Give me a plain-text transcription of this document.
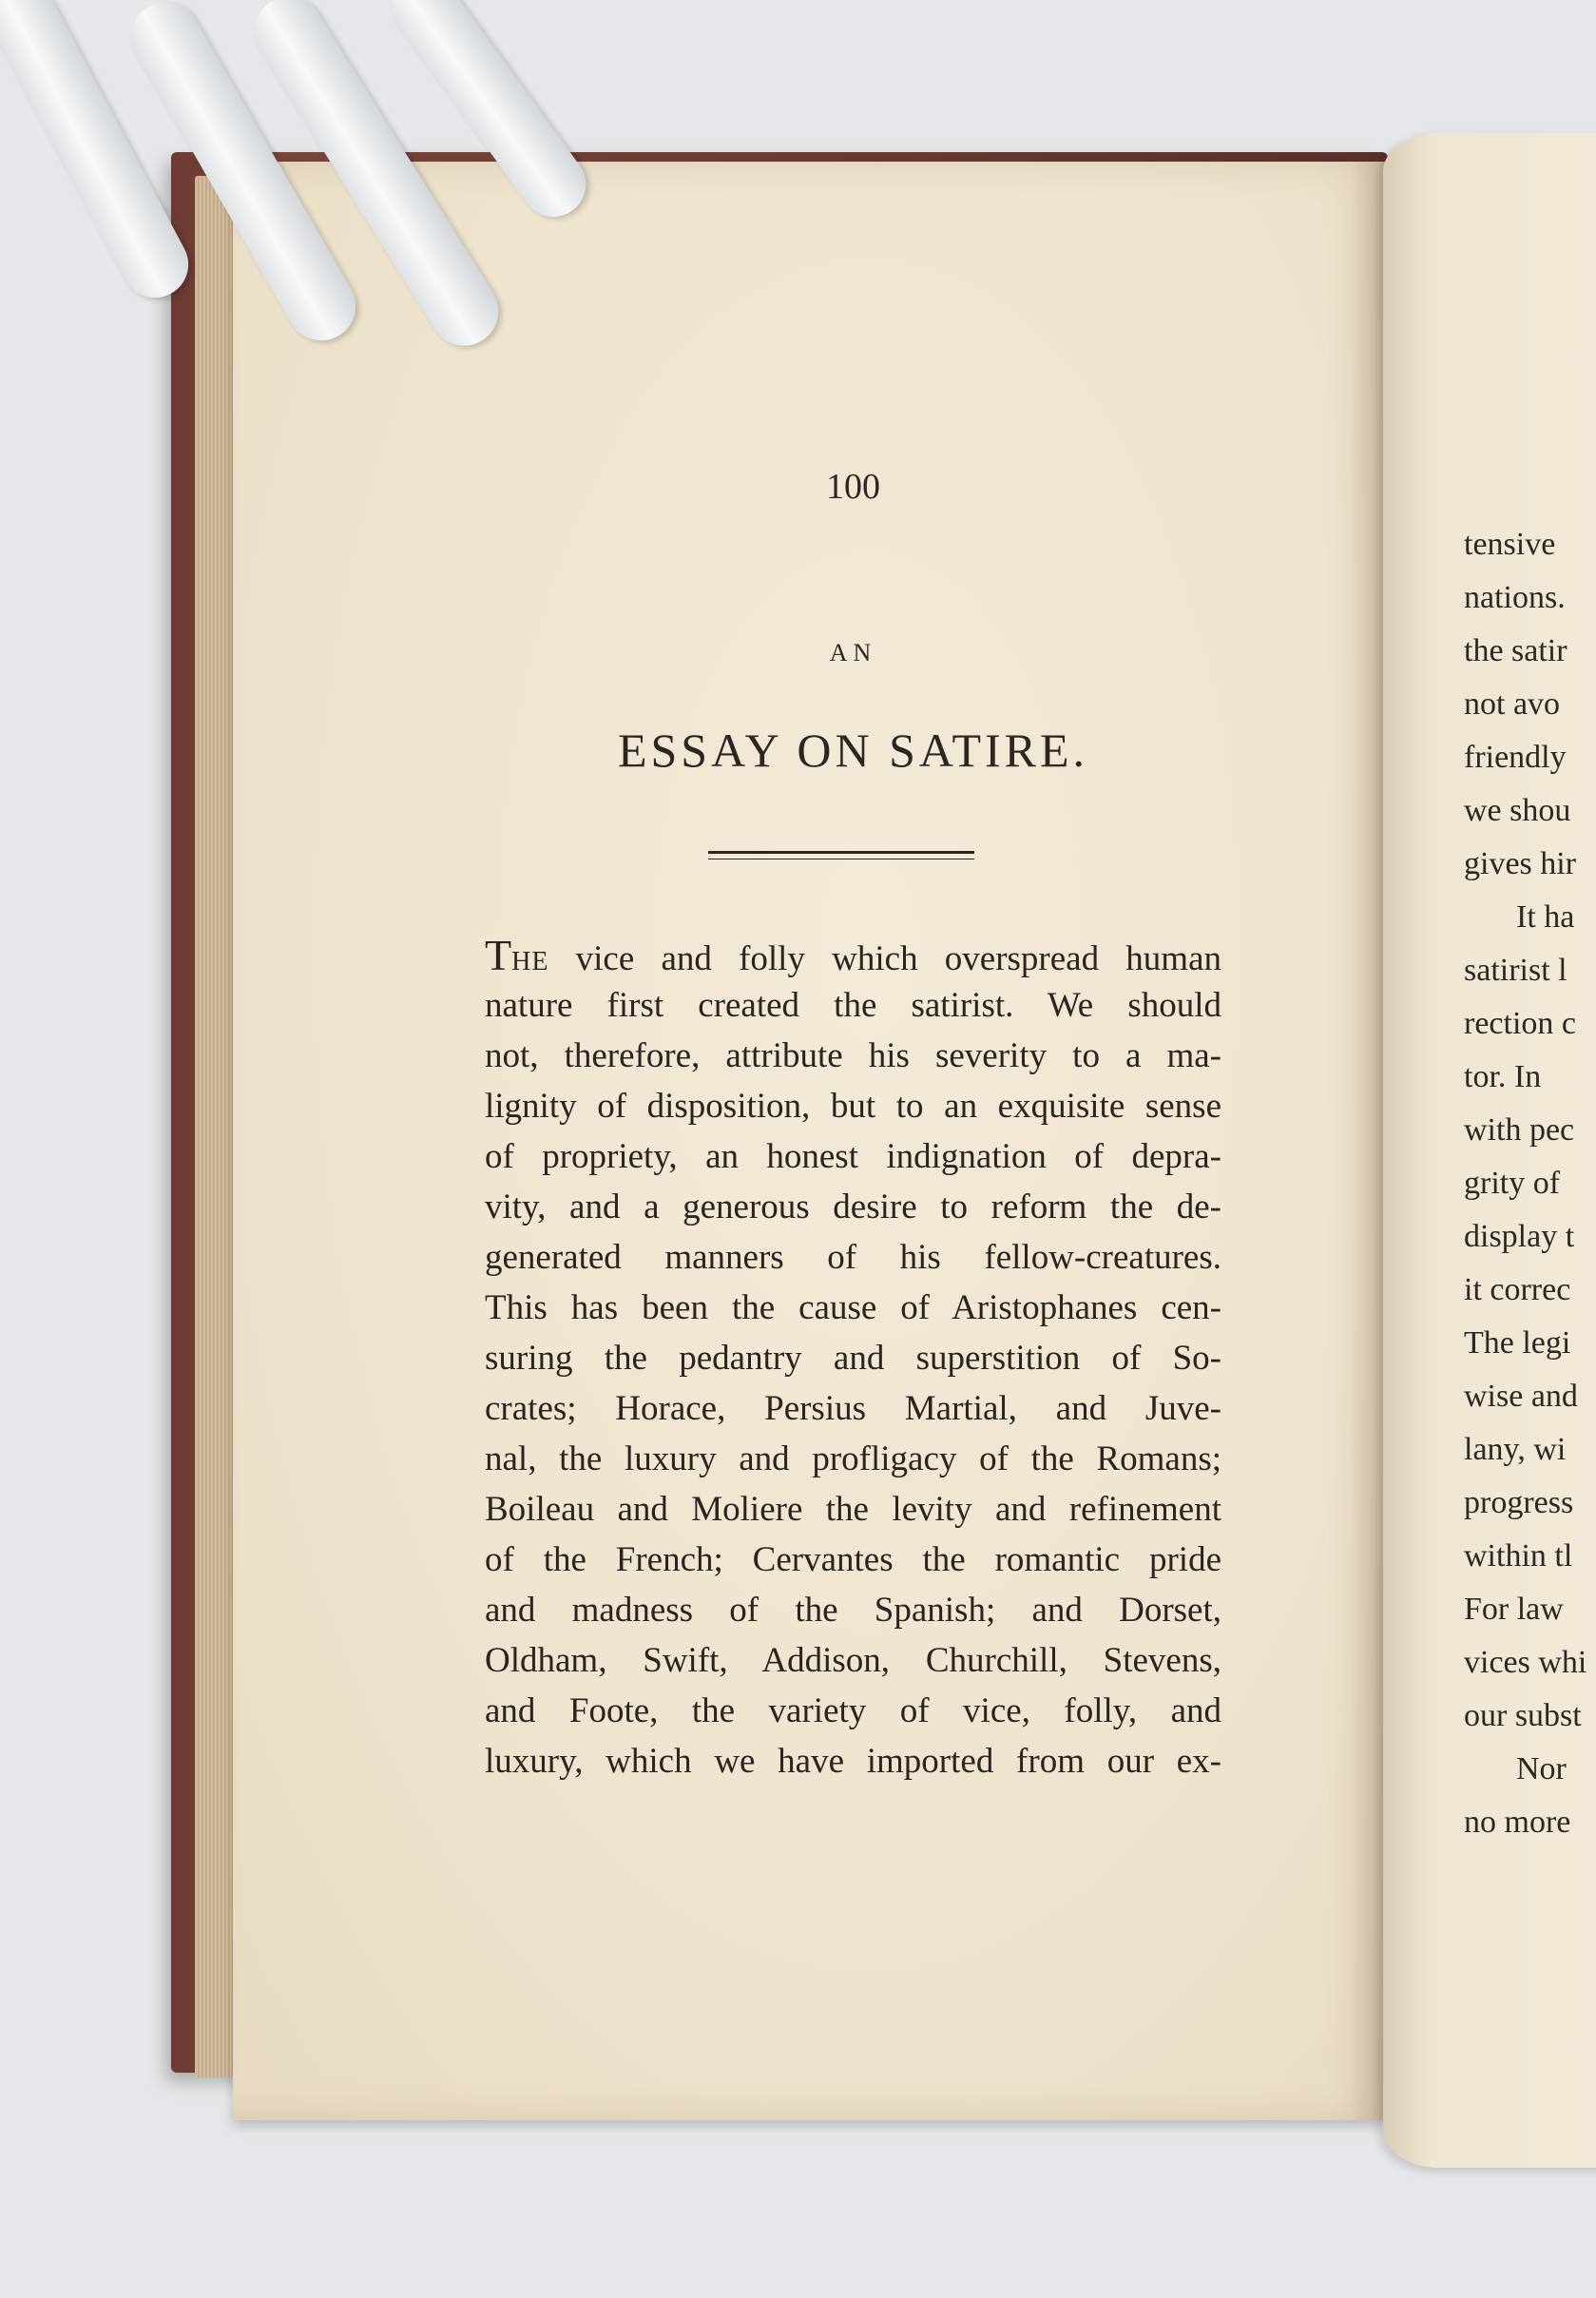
100
AN
ESSAY ON SATIRE.
THE vice and folly which overspread human
nature first created the satirist. We should
not, therefore, attribute his severity to a ma-
lignity of disposition, but to an exquisite sense
of propriety, an honest indignation of depra-
vity, and a generous desire to reform the de-
generated manners of his fellow-creatures.
This has been the cause of Aristophanes cen-
suring the pedantry and superstition of So-
crates; Horace, Persius Martial, and Juve-
nal, the luxury and profligacy of the Romans;
Boileau and Moliere the levity and refinement
of the French; Cervantes the romantic pride
and madness of the Spanish; and Dorset,
Oldham, Swift, Addison, Churchill, Stevens,
and Foote, the variety of vice, folly, and
luxury, which we have imported from our ex-
tensive
nations.
the satir
not avo
friendly
we shou
gives hir
It ha
satirist l
rection c
tor. In
with pec
grity of
display t
it correc
The legi
wise and
lany, wi
progress
within tl
For law
vices whi
our subst
Nor
no more
